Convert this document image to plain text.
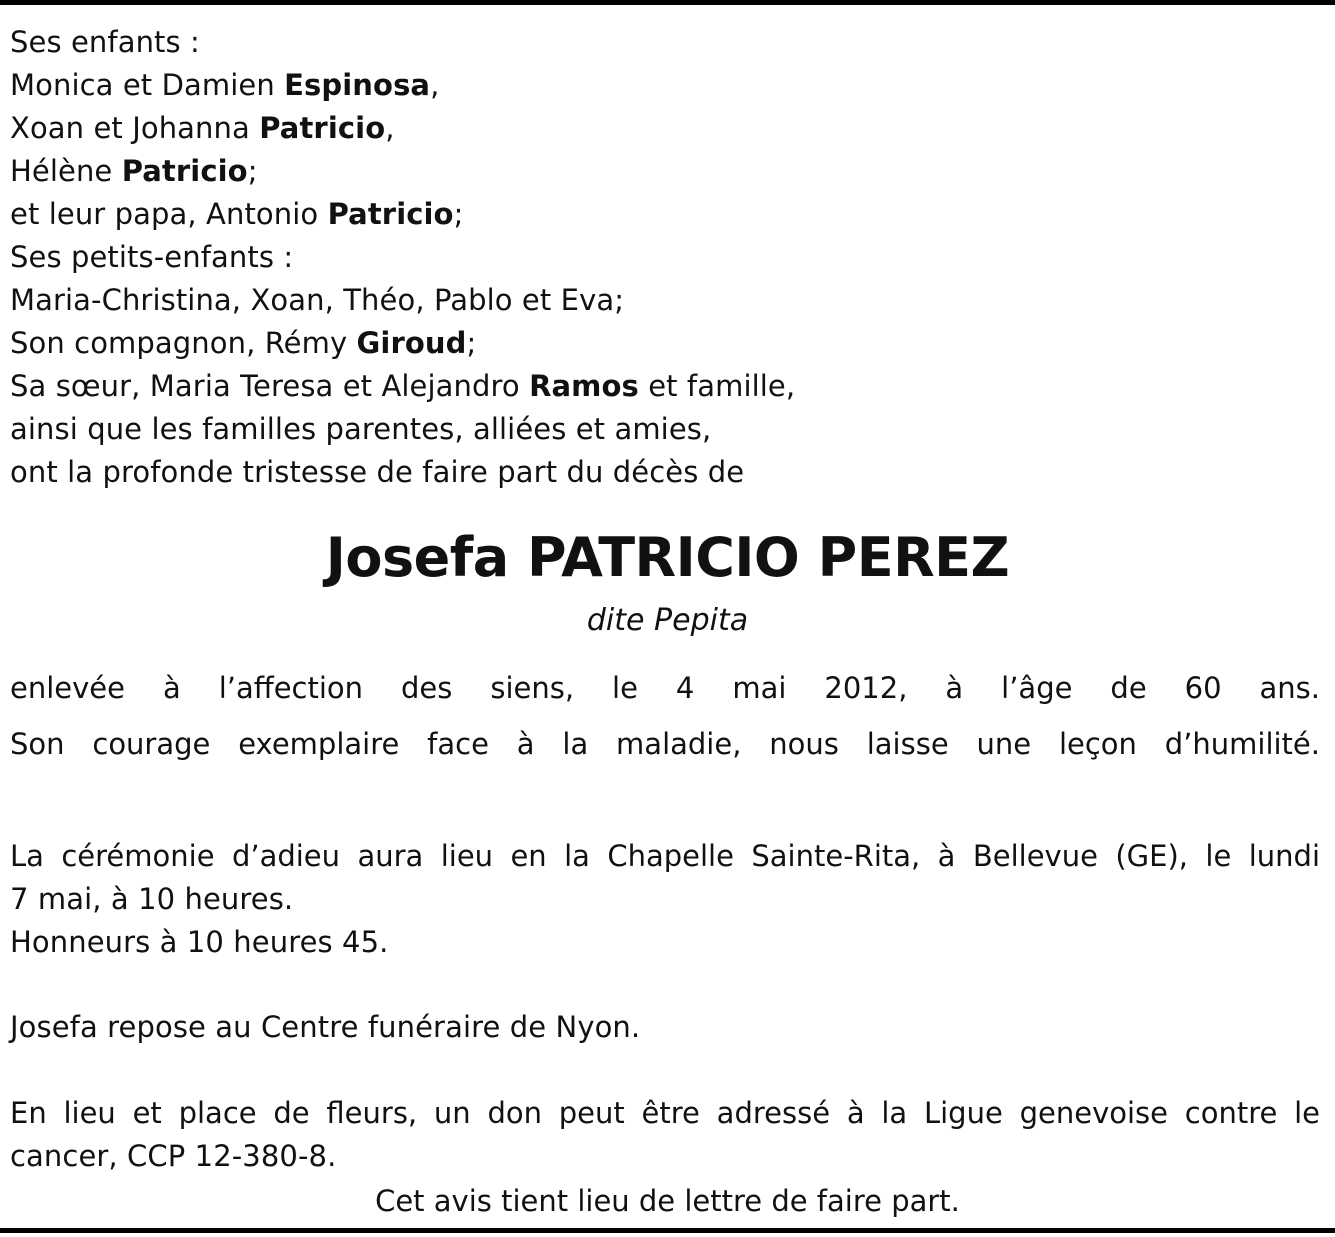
Ses enfants :

Monica et Damien Espinosa,

Xoan et Johanna Patricio,

Hélène Patricio;

et leur papa, Antonio Patricio;

Ses petits-enfants :

Maria-Christina, Xoan, Théo, Pablo et Eva;

Son compagnon, Rémy Giroud;

Sa sœur, Maria Teresa et Alejandro Ramos et famille,

ainsi que les familles parentes, alliées et amies,

ont la profonde tristesse de faire part du décès de

Josefa PATRICIO PEREZ

dite Pepita

enlevée à l’affection des siens, le 4 mai 2012, à l’âge de 60 ans.

Son courage exemplaire face à la maladie, nous laisse une leçon d’humilité.

La cérémonie d’adieu aura lieu en la Chapelle Sainte-Rita, à Bellevue (GE), le lundi

7 mai, à 10 heures.

Honneurs à 10 heures 45.

Josefa repose au Centre funéraire de Nyon.

En lieu et place de fleurs, un don peut être adressé à la Ligue genevoise contre le

cancer, CCP 12-380-8.

Cet avis tient lieu de lettre de faire part.
